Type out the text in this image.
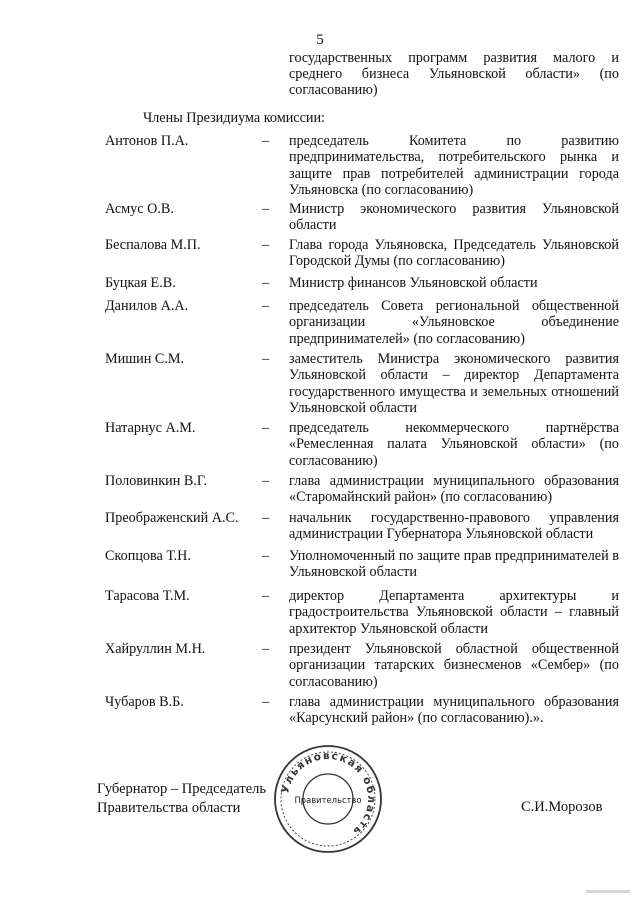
5
государственных программ развития малого и среднего бизнеса Ульяновской области» (по согласованию)
Члены Президиума комиссии:
Антонов П.А.	– председатель Комитета по развитию предпринимательства, потребительского рынка и защите прав потребителей администрации города Ульяновска (по согласованию)
Асмус О.В.	– Министр экономического развития Ульяновской области
Беспалова М.П.	– Глава города Ульяновска, Председатель Ульяновской Городской Думы (по согласованию)
Буцкая Е.В.	– Министр финансов Ульяновской области
Данилов А.А.	– председатель Совета региональной общественной организации «Ульяновское объединение предпринимателей» (по согласованию)
Мишин С.М.	– заместитель Министра экономического развития Ульяновской области – директор Департамента государственного имущества и земельных отношений Ульяновской области
Натарнус А.М.	– председатель некоммерческого партнёрства «Ремесленная палата Ульяновской области» (по согласованию)
Половинкин В.Г.	– глава администрации муниципального образования «Старомайнский район» (по согласованию)
Преображенский А.С. – начальник государственно-правового управления администрации Губернатора Ульяновской области
Скопцова Т.Н.	– Уполномоченный по защите прав предпринимателей в Ульяновской области
Тарасова Т.М.	– директор Департамента архитектуры и градостроительства Ульяновской области – главный архитектор Ульяновской области
Хайруллин М.Н.	– президент Ульяновской областной общественной организации татарских бизнесменов «Сембер» (по согласованию)
Чубаров В.Б.	– глава администрации муниципального образования «Карсунский район» (по согласованию).».
Губернатор – Председатель
Правительства области
Ульяновская область
Правительство	С.И.Морозов
